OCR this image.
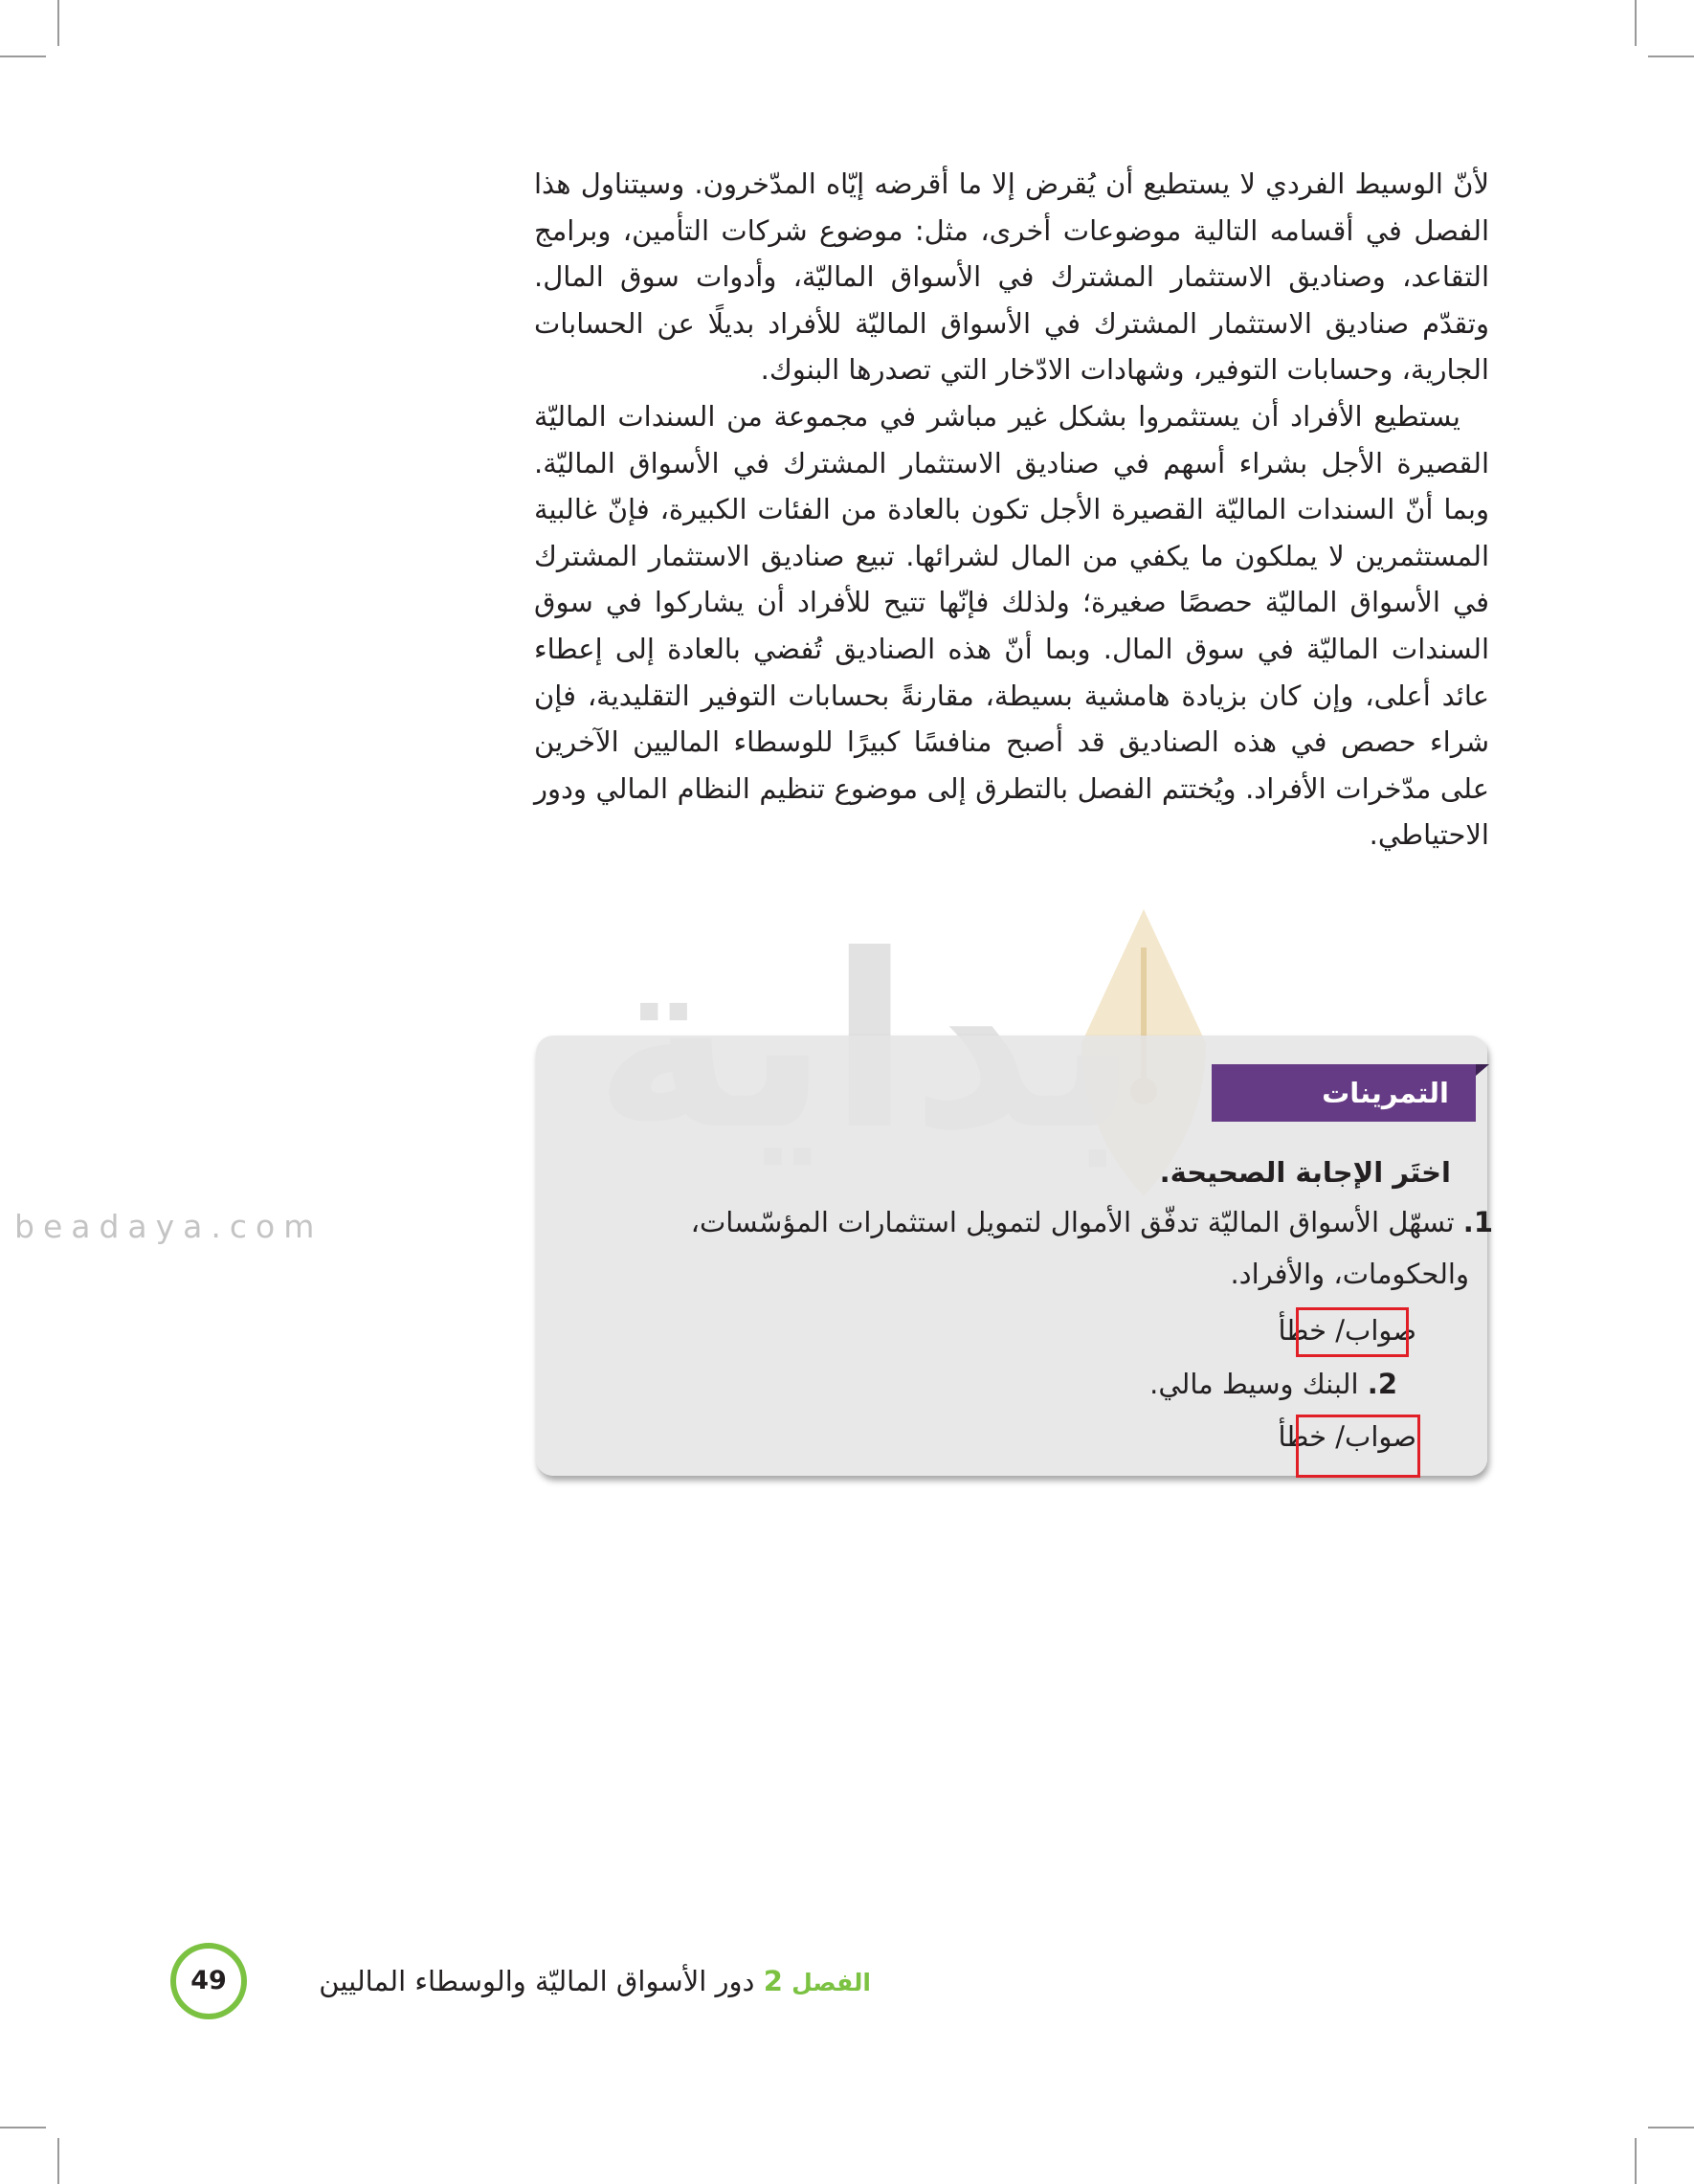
لأنّ الوسيط الفردي لا يستطيع أن يُقرض إلا ما أقرضه إيّاه المدّخرون. وسيتناول هذا الفصل في أقسامه التالية موضوعات أخرى، مثل: موضوع شركات التأمين، وبرامج التقاعد، وصناديق الاستثمار المشترك في الأسواق الماليّة، وأدوات سوق المال. وتقدّم صناديق الاستثمار المشترك في الأسواق الماليّة للأفراد بديلًا عن الحسابات الجارية، وحسابات التوفير، وشهادات الادّخار التي تصدرها البنوك.

يستطيع الأفراد أن يستثمروا بشكل غير مباشر في مجموعة من السندات الماليّة القصيرة الأجل بشراء أسهم في صناديق الاستثمار المشترك في الأسواق الماليّة. وبما أنّ السندات الماليّة القصيرة الأجل تكون بالعادة من الفئات الكبيرة، فإنّ غالبية المستثمرين لا يملكون ما يكفي من المال لشرائها. تبيع صناديق الاستثمار المشترك في الأسواق الماليّة حصصًا صغيرة؛ ولذلك فإنّها تتيح للأفراد أن يشاركوا في سوق السندات الماليّة في سوق المال. وبما أنّ هذه الصناديق تُفضي بالعادة إلى إعطاء عائد أعلى، وإن كان بزيادة هامشية بسيطة، مقارنةً بحسابات التوفير التقليدية، فإن شراء حصص في هذه الصناديق قد أصبح منافسًا كبيرًا للوسطاء الماليين الآخرين على مدّخرات الأفراد. ويُختتم الفصل بالتطرق إلى موضوع تنظيم النظام المالي ودور الاحتياطي.

beadaya.com
التمرينات
اختَر الإجابة الصحيحة.
1. تسهّل الأسواق الماليّة تدفّق الأموال لتمويل استثمارات المؤسّسات،
والحكومات، والأفراد.
صواب/ خطأ
2. البنك وسيط مالي.
صواب/ خطأ
49	الفصل 2 دور الأسواق الماليّة والوسطاء الماليين
